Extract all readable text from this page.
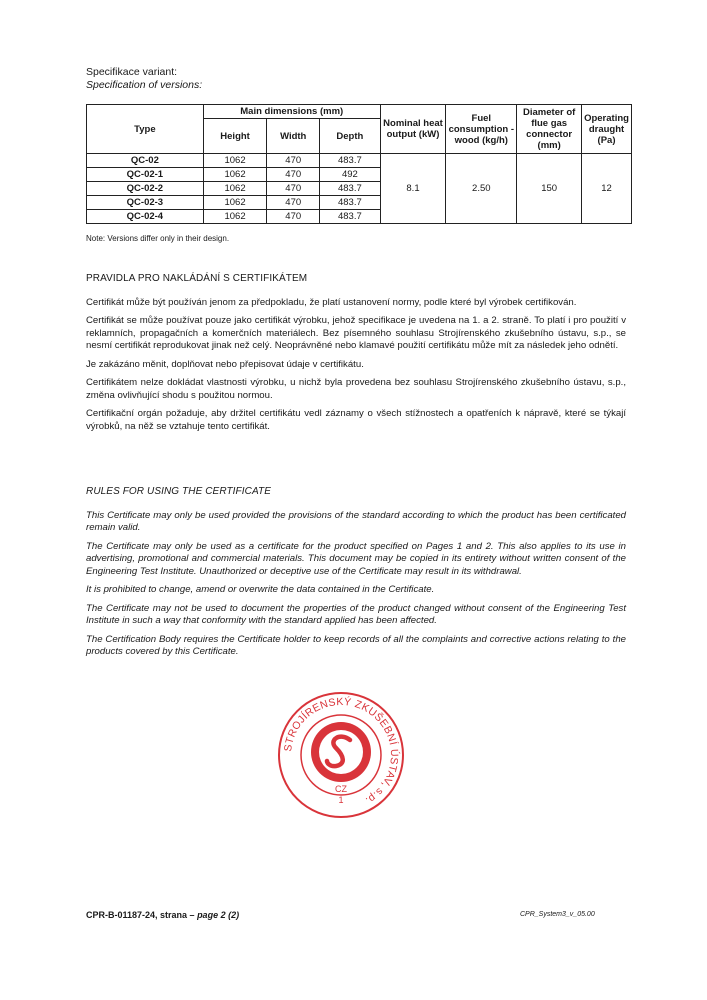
Specifikace variant:
Specification of versions:
Type	Main dimensions (mm)			Nominal heat output (kW)	Fuel consumption - wood (kg/h)	Diameter of flue gas connector (mm)	Operating draught (Pa)
	Height	Width	Depth				
QC-02	1062	470	483.7	8.1	2.50	150	12
QC-02-1	1062	470	492				
QC-02-2	1062	470	483.7				
QC-02-3	1062	470	483.7				
QC-02-4	1062	470	483.7				
Note: Versions differ only in their design.
PRAVIDLA PRO NAKLÁDÁNÍ S CERTIFIKÁTEM

Certifikát může být používán jenom za předpokladu, že platí ustanovení normy, podle které byl výrobek certifikován.

Certifikát se může používat pouze jako certifikát výrobku, jehož specifikace je uvedena na 1. a 2. straně. To platí i pro použití v reklamních, propagačních a komerčních materiálech. Bez písemného souhlasu Strojírenského zkušebního ústavu, s.p., se nesmí certifikát reprodukovat jinak než celý. Neoprávněné nebo klamavé použití certifikátu může mít za následek jeho odnětí.

Je zakázáno měnit, doplňovat nebo přepisovat údaje v certifikátu.

Certifikátem nelze dokládat vlastnosti výrobku, u nichž byla provedena bez souhlasu Strojírenského zkušebního ústavu, s.p., změna ovlivňující shodu s použitou normou.

Certifikační orgán požaduje, aby držitel certifikátu vedl záznamy o všech stížnostech a opatřeních k nápravě, které se týkají výrobků, na něž se vztahuje tento certifikát.

RULES FOR USING THE CERTIFICATE

This Certificate may only be used provided the provisions of the standard according to which the product has been certificated remain valid.

The Certificate may only be used as a certificate for the product specified on Pages 1 and 2. This also applies to its use in advertising, promotional and commercial materials. This document may be copied in its entirety without written consent of the Engineering Test Institute. Unauthorized or deceptive use of the Certificate may result in its withdrawal.

It is prohibited to change, amend or overwrite the data contained in the Certificate.

The Certificate may not be used to document the properties of the product changed without consent of the Engineering Test Institute in such a way that conformity with the standard applied has been affected.

The Certification Body requires the Certificate holder to keep records of all the complaints and corrective actions relating to the products covered by this Certificate.

STROJÍRENSKÝ ZKUŠEBNÍ ÚSTAV, s.p.
CZ
1
CPR-B-01187-24, strana – page 2 (2)	CPR_System3_v_05.00
